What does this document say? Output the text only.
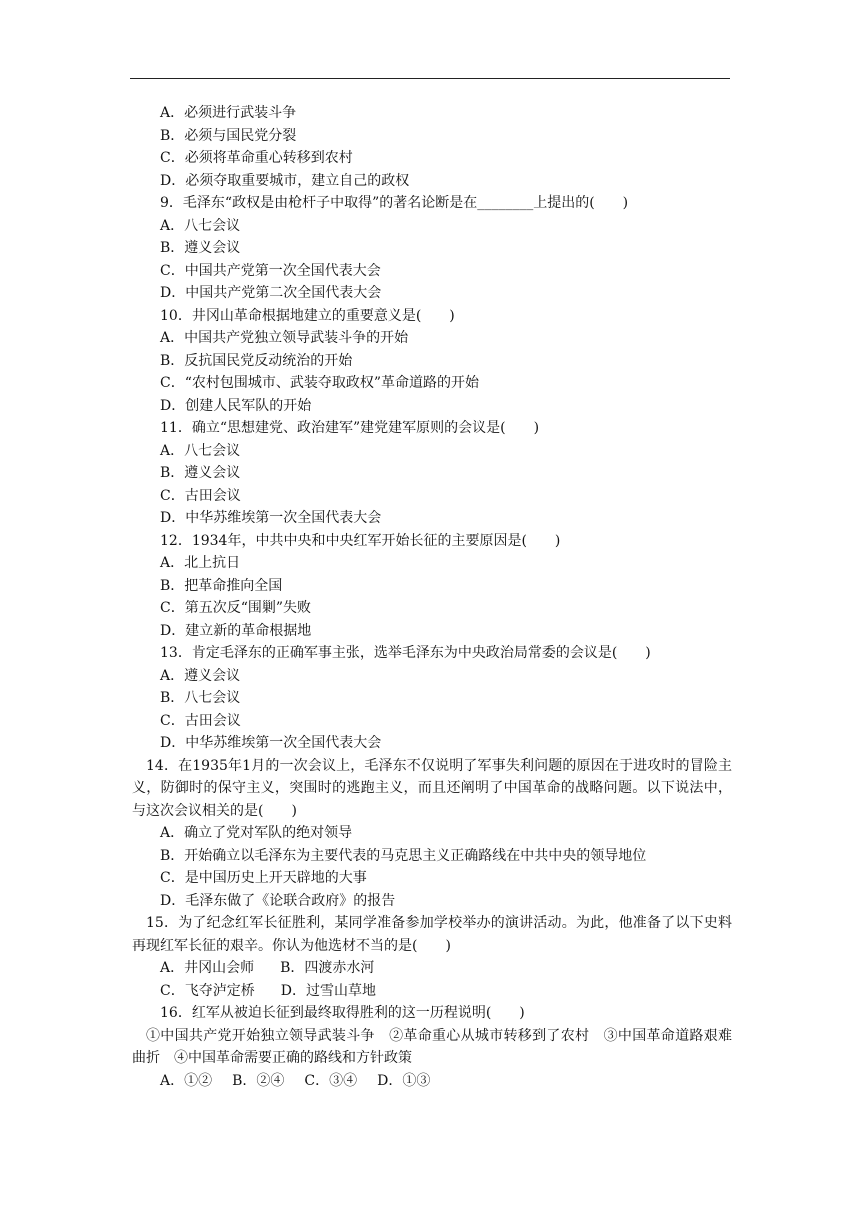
A．必须进行武装斗争
B．必须与国民党分裂
C．必须将革命重心转移到农村
D．必须夺取重要城市，建立自己的政权
9．毛泽东“政权是由枪杆子中取得”的著名论断是在________上提出的(　　)
A．八七会议
B．遵义会议
C．中国共产党第一次全国代表大会
D．中国共产党第二次全国代表大会
10．井冈山革命根据地建立的重要意义是(　　)
A．中国共产党独立领导武装斗争的开始
B．反抗国民党反动统治的开始
C．“农村包围城市、武装夺取政权”革命道路的开始
D．创建人民军队的开始
11．确立“思想建党、政治建军”建党建军原则的会议是(　　)
A．八七会议
B．遵义会议
C．古田会议
D．中华苏维埃第一次全国代表大会
12．1934年，中共中央和中央红军开始长征的主要原因是(　　)
A．北上抗日
B．把革命推向全国
C．第五次反“围剿”失败
D．建立新的革命根据地
13．肯定毛泽东的正确军事主张，选举毛泽东为中央政治局常委的会议是(　　)
A．遵义会议
B．八七会议
C．古田会议
D．中华苏维埃第一次全国代表大会
14．在1935年1月的一次会议上，毛泽东不仅说明了军事失利问题的原因在于进攻时的冒险主义，防御时的保守主义，突围时的逃跑主义，而且还阐明了中国革命的战略问题。以下说法中，与这次会议相关的是(　　)
A．确立了党对军队的绝对领导
B．开始确立以毛泽东为主要代表的马克思主义正确路线在中共中央的领导地位
C．是中国历史上开天辟地的大事
D．毛泽东做了《论联合政府》的报告
15．为了纪念红军长征胜利，某同学准备参加学校举办的演讲活动。为此，他准备了以下史料再现红军长征的艰辛。你认为他选材不当的是(　　)
A．井冈山会师 B．四渡赤水河
C．飞夺泸定桥 D．过雪山草地
16．红军从被迫长征到最终取得胜利的这一历程说明(　　)
①中国共产党开始独立领导武装斗争　②革命重心从城市转移到了农村　③中国革命道路艰难曲折　④中国革命需要正确的路线和方针政策
A．①② B．②④ C．③④ D．①③
